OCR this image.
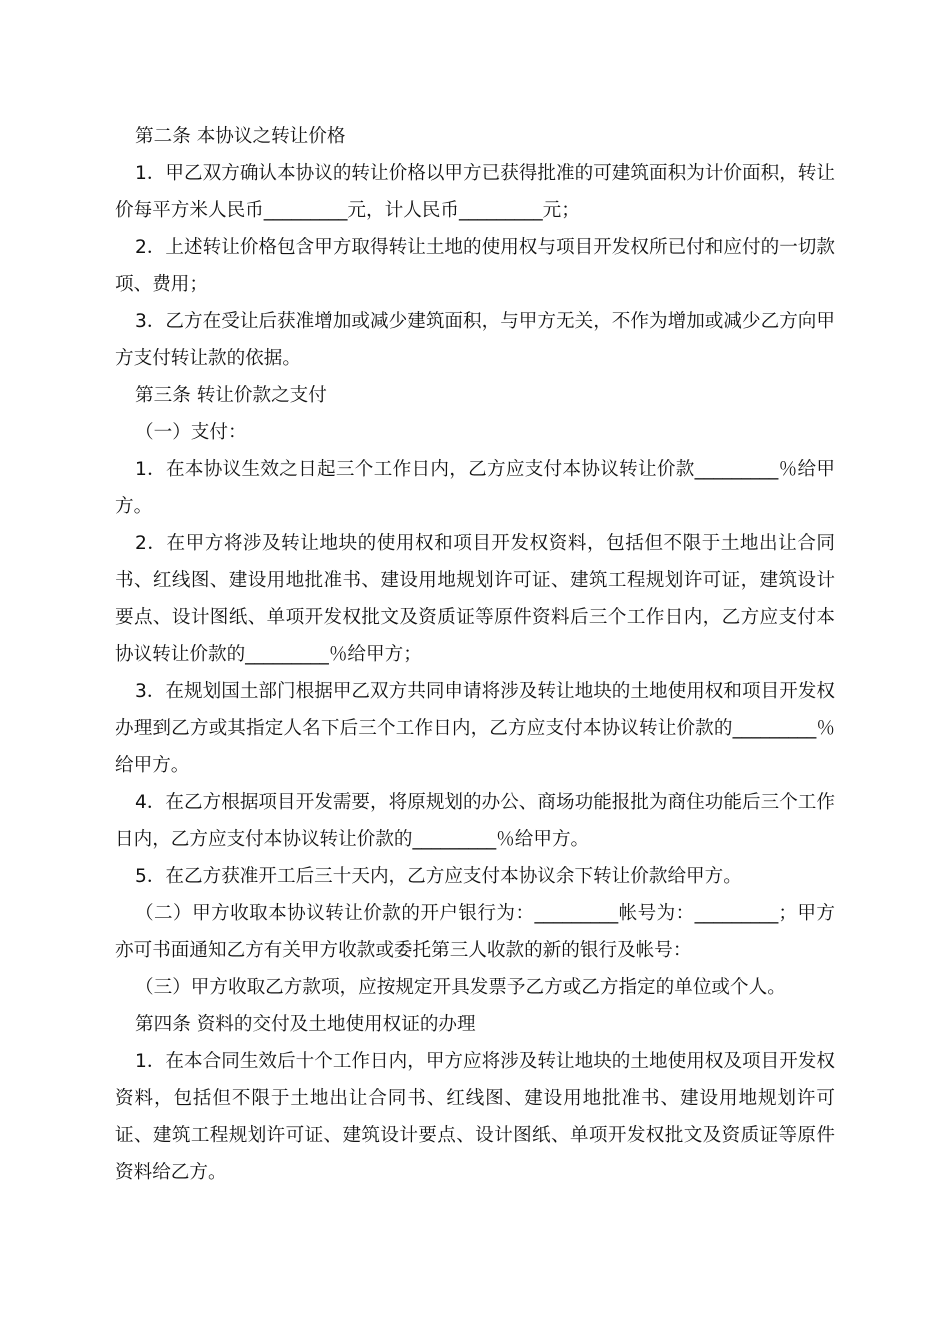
第二条 本协议之转让价格

1．甲乙双方确认本协议的转让价格以甲方已获得批准的可建筑面积为计价面积，转让价每平方米人民币_________元，计人民币_________元；

2．上述转让价格包含甲方取得转让土地的使用权与项目开发权所已付和应付的一切款项、费用；

3．乙方在受让后获准增加或减少建筑面积，与甲方无关，不作为增加或减少乙方向甲方支付转让款的依据。

第三条 转让价款之支付

（一）支付：

1．在本协议生效之日起三个工作日内，乙方应支付本协议转让价款_________％给甲方。

2．在甲方将涉及转让地块的使用权和项目开发权资料，包括但不限于土地出让合同书、红线图、建设用地批准书、建设用地规划许可证、建筑工程规划许可证，建筑设计要点、设计图纸、单项开发权批文及资质证等原件资料后三个工作日内，乙方应支付本协议转让价款的_________％给甲方；

3．在规划国土部门根据甲乙双方共同申请将涉及转让地块的土地使用权和项目开发权办理到乙方或其指定人名下后三个工作日内，乙方应支付本协议转让价款的_________％给甲方。

4．在乙方根据项目开发需要，将原规划的办公、商场功能报批为商住功能后三个工作日内，乙方应支付本协议转让价款的_________％给甲方。

5．在乙方获准开工后三十天内，乙方应支付本协议余下转让价款给甲方。

（二）甲方收取本协议转让价款的开户银行为：_________帐号为：_________；甲方亦可书面通知乙方有关甲方收款或委托第三人收款的新的银行及帐号：

（三）甲方收取乙方款项，应按规定开具发票予乙方或乙方指定的单位或个人。

第四条 资料的交付及土地使用权证的办理

1．在本合同生效后十个工作日内，甲方应将涉及转让地块的土地使用权及项目开发权资料，包括但不限于土地出让合同书、红线图、建设用地批准书、建设用地规划许可证、建筑工程规划许可证、建筑设计要点、设计图纸、单项开发权批文及资质证等原件资料给乙方。
